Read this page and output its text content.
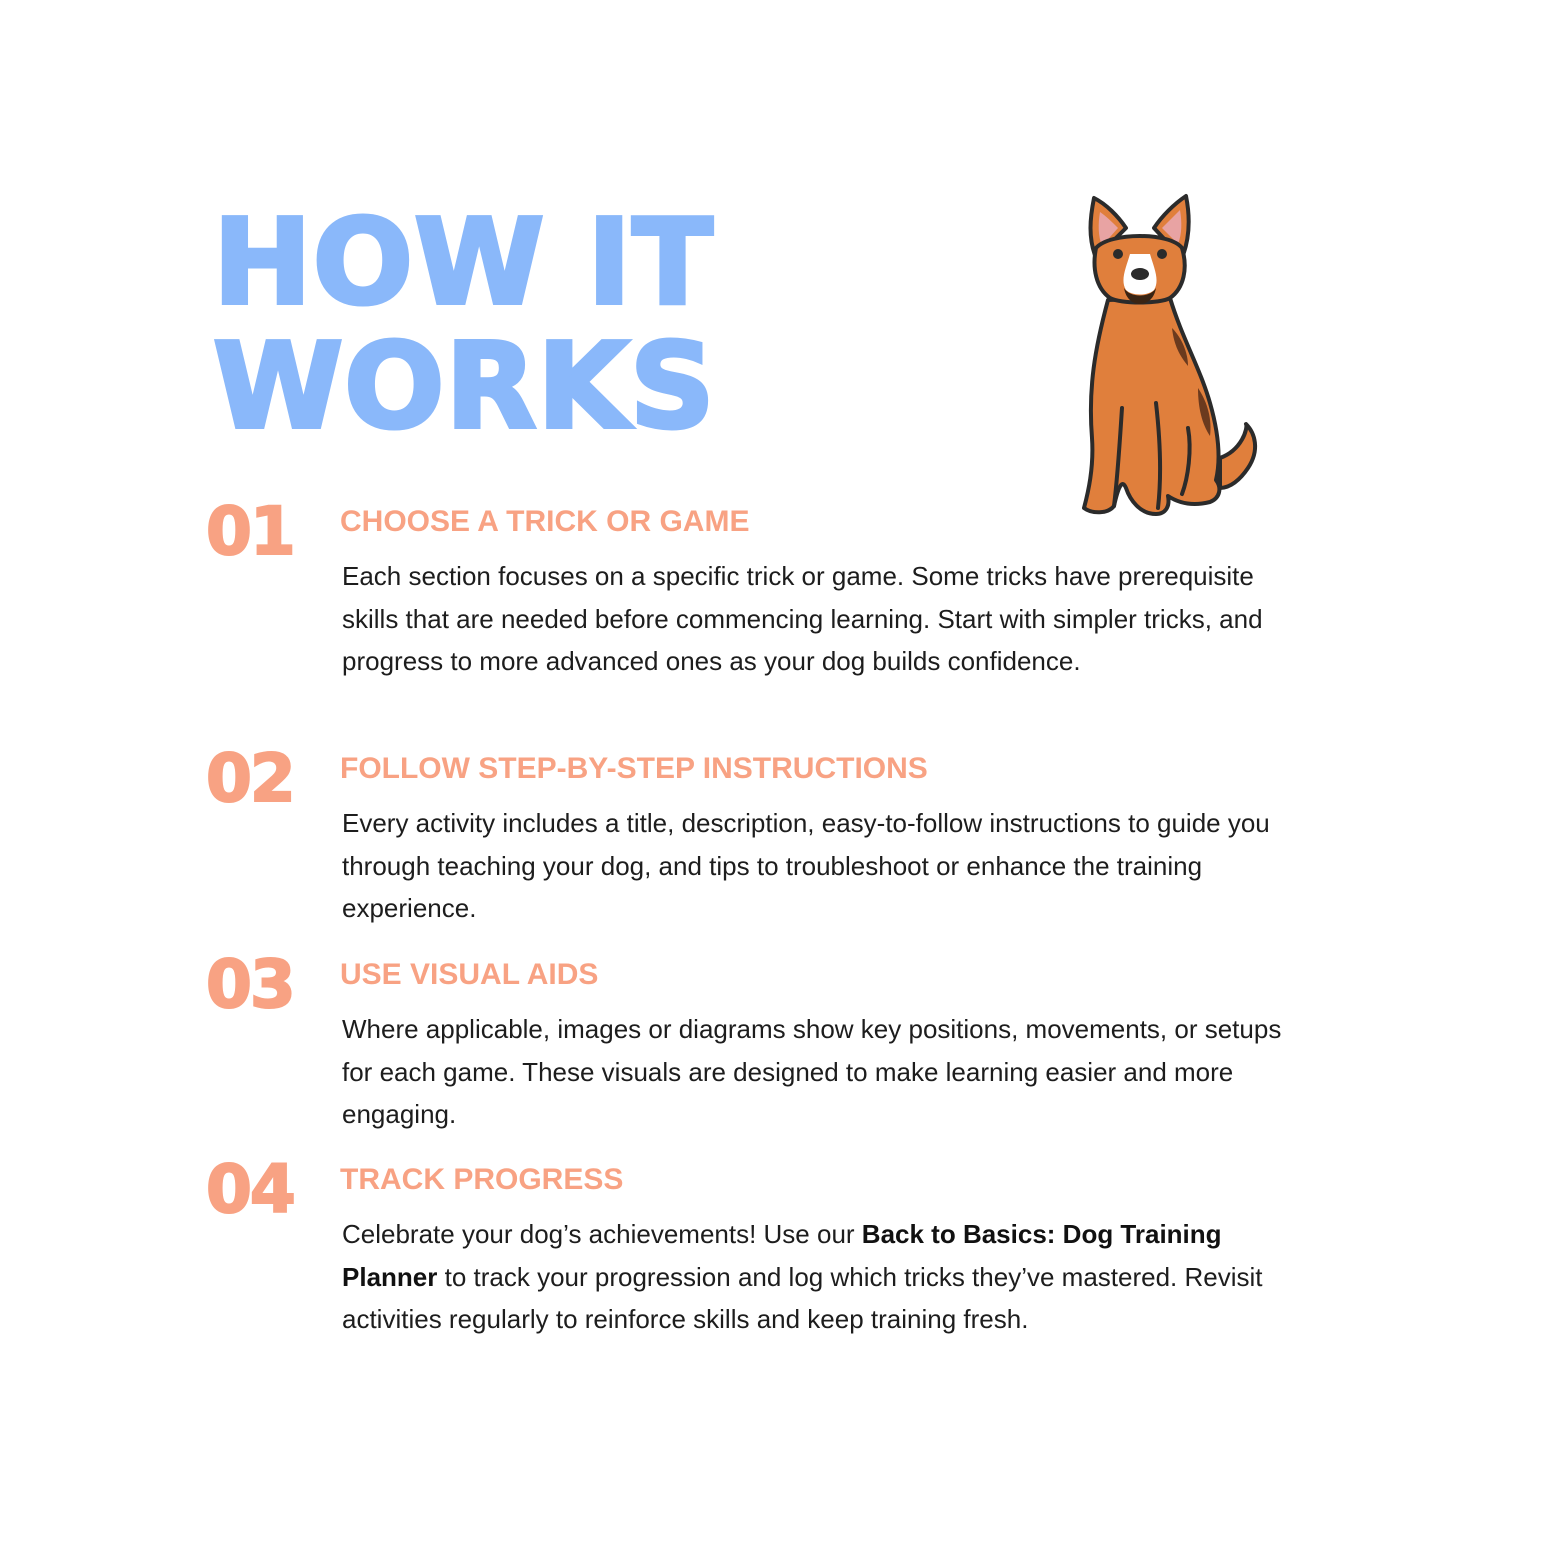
HOW IT
WORKS
01 CHOOSE A TRICK OR GAME

Each section focuses on a specific trick or game. Some tricks have prerequisite skills that are needed before commencing learning. Start with simpler tricks, and progress to more advanced ones as your dog builds confidence.

02 FOLLOW STEP-BY-STEP INSTRUCTIONS

Every activity includes a title, description, easy-to-follow instructions to guide you through teaching your dog, and tips to troubleshoot or enhance the training experience.

03 USE VISUAL AIDS

Where applicable, images or diagrams show key positions, movements, or setups for each game. These visuals are designed to make learning easier and more engaging.

04 TRACK PROGRESS

Celebrate your dog’s achievements! Use our Back to Basics: Dog Training Planner to track your progression and log which tricks they’ve mastered. Revisit activities regularly to reinforce skills and keep training fresh.
